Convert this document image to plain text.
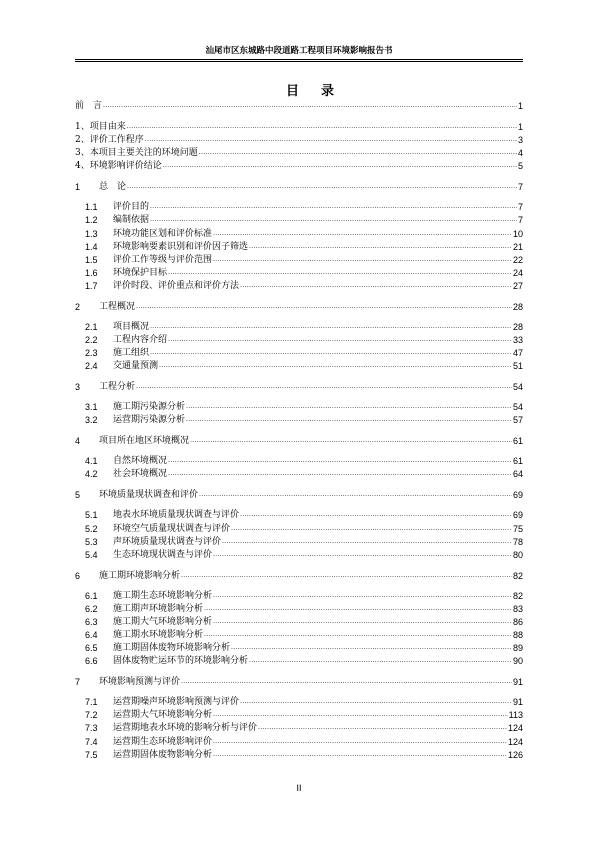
汕尾市区东城路中段道路工程项目环境影响报告书
目录
前　言 .....	1
1、项目由来 .....	1
2、评价工作程序 .....	3
3、本项目主要关注的环境问题 .....	4
4、环境影响评价结论 .....	5
1	总　论 .....	7
1.1	评价目的 .....	7
1.2	编制依据 .....	7
1.3	环境功能区划和评价标准 .....	10
1.4	环境影响要素识别和评价因子筛选 .....	21
1.5	评价工作等级与评价范围 .....	22
1.6	环境保护目标 .....	24
1.7	评价时段、评价重点和评价方法 .....	27
2	工程概况 .....	28
2.1	项目概况 .....	28
2.2	工程内容介绍 .....	33
2.3	施工组织 .....	47
2.4	交通量预测 .....	51
3	工程分析 .....	54
3.1	施工期污染源分析 .....	54
3.2	运营期污染源分析 .....	57
4	项目所在地区环境概况 .....	61
4.1	自然环境概况 .....	61
4.2	社会环境概况 .....	64
5	环境质量现状调查和评价 .....	69
5.1	地表水环境质量现状调查与评价 .....	69
5.2	环境空气质量现状调查与评价 .....	75
5.3	声环境质量现状调查与评价 .....	78
5.4	生态环境现状调查与评价 .....	80
6	施工期环境影响分析 .....	82
6.1	施工期生态环境影响分析 .....	82
6.2	施工期声环境影响分析 .....	83
6.3	施工期大气环境影响分析 .....	86
6.4	施工期水环境影响分析 .....	88
6.5	施工期固体废物环境影响分析 .....	89
6.6	固体废物贮运环节的环境影响分析 .....	90
7	环境影响预测与评价 .....	91
7.1	运营期噪声环境影响预测与评价 .....	91
7.2	运营期大气环境影响分析 .....	113
7.3	运营期地表水环境的影响分析与评价 .....	124
7.4	运营期生态环境影响评价 .....	124
7.5	运营期固体废物影响分析 .....	126
II
